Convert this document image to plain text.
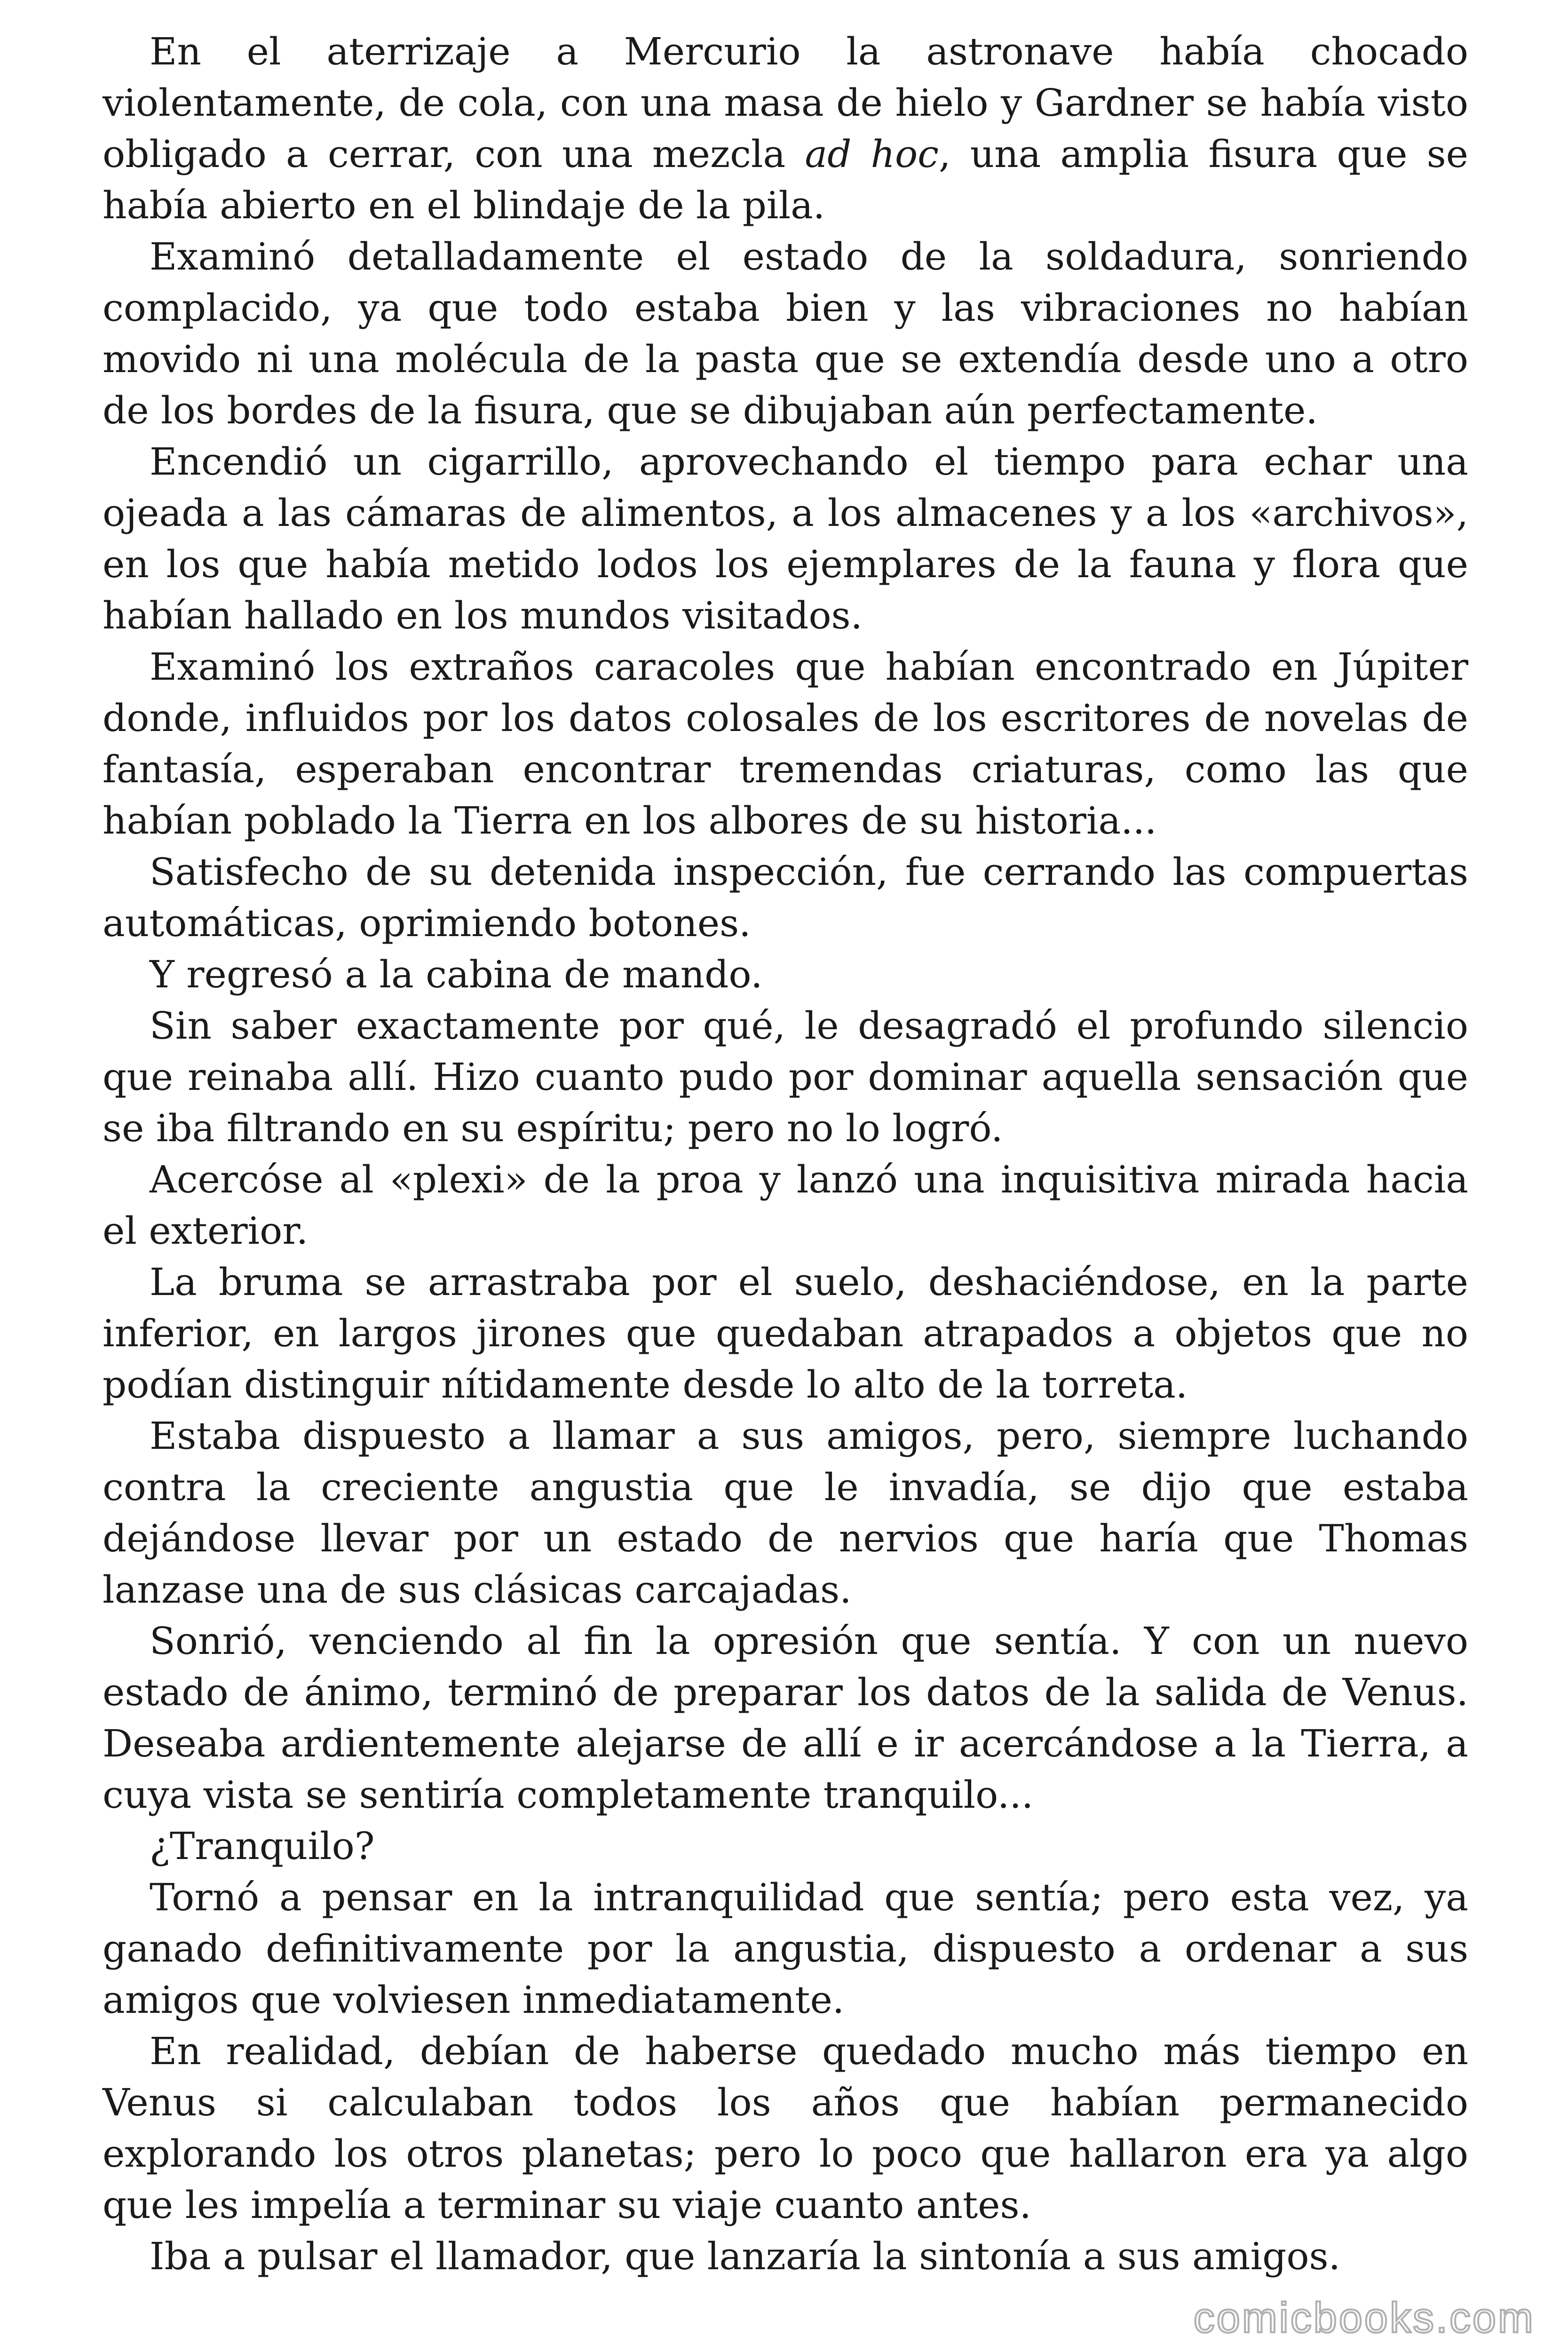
En el aterrizaje a Mercurio la astronave había chocado violentamente, de cola, con una masa de hielo y Gardner se había visto obligado a cerrar, con una mezcla ad hoc, una amplia fisura que se había abierto en el blindaje de la pila.

Examinó detalladamente el estado de la soldadura, sonriendo complacido, ya que todo estaba bien y las vibraciones no habían movido ni una molécula de la pasta que se extendía desde uno a otro de los bordes de la fisura, que se dibujaban aún perfectamente.

Encendió un cigarrillo, aprovechando el tiempo para echar una ojeada a las cámaras de alimentos, a los almacenes y a los «archivos», en los que había metido lodos los ejemplares de la fauna y flora que habían hallado en los mundos visitados.

Examinó los extraños caracoles que habían encontrado en Júpiter donde, influidos por los datos colosales de los escritores de novelas de fantasía, esperaban encontrar tremendas criaturas, como las que habían poblado la Tierra en los albores de su historia...

Satisfecho de su detenida inspección, fue cerrando las compuertas automáticas, oprimiendo botones.

Y regresó a la cabina de mando.

Sin saber exactamente por qué, le desagradó el profundo silencio que reinaba allí. Hizo cuanto pudo por dominar aquella sensación que se iba filtrando en su espíritu; pero no lo logró.

Acercóse al «plexi» de la proa y lanzó una inquisitiva mirada hacia el exterior.

La bruma se arrastraba por el suelo, deshaciéndose, en la parte inferior, en largos jirones que quedaban atrapados a objetos que no podían distinguir nítidamente desde lo alto de la torreta.

Estaba dispuesto a llamar a sus amigos, pero, siempre luchando contra la creciente angustia que le invadía, se dijo que estaba dejándose llevar por un estado de nervios que haría que Thomas lanzase una de sus clásicas carcajadas.

Sonrió, venciendo al fin la opresión que sentía. Y con un nuevo estado de ánimo, terminó de preparar los datos de la salida de Venus. Deseaba ardientemente alejarse de allí e ir acercándose a la Tierra, a cuya vista se sentiría completamente tranquilo...

¿Tranquilo?

Tornó a pensar en la intranquilidad que sentía; pero esta vez, ya ganado definitivamente por la angustia, dispuesto a ordenar a sus amigos que volviesen inmediatamente.

En realidad, debían de haberse quedado mucho más tiempo en Venus si calculaban todos los años que habían permanecido explorando los otros planetas; pero lo poco que hallaron era ya algo que les impelía a terminar su viaje cuanto antes.

Iba a pulsar el llamador, que lanzaría la sintonía a sus amigos.

comicbooks.com
